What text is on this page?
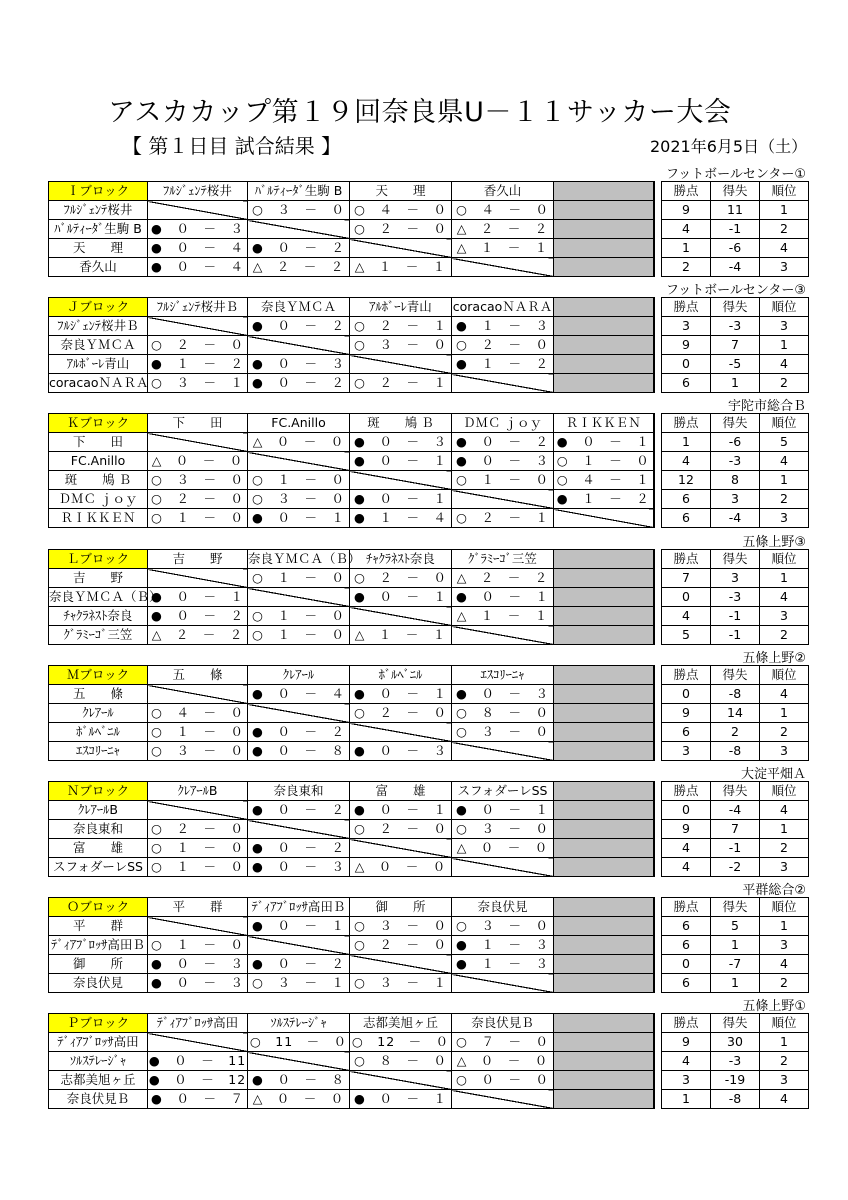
アスカカップ第１９回奈良県U－１１サッカー大会
【 第１日目 試合結果 】	2021年6月5日（土）
フットボールセンター①
Ｉブロック	ﾌﾙｼﾞｪﾝﾃ桜井	ﾊﾞﾙﾃｨｰﾀﾞ生駒 B	天　　理	香久山			勝点	得失	順位
ﾌﾙｼﾞｪﾝﾃ桜井		○　３　－　０	○　４　－　０	○　４　－　０			9	11	1
ﾊﾞﾙﾃｨｰﾀﾞ生駒 B	●　０　－　３		○　２　－　０	△　２　－　２			4	-1	2
天　　理	●　０　－　４	●　０　－　２		△　１　－　１			1	-6	4
香久山	●　０　－　４	△　２　－　２	△　１　－　１				2	-4	3
フットボールセンター③
Ｊブロック	ﾌﾙｼﾞｪﾝﾃ桜井Ｂ	奈良ＹＭＣＡ	ｱﾙﾎﾞｰﾚ青山	coracaoＮＡＲＡ			勝点	得失	順位
ﾌﾙｼﾞｪﾝﾃ桜井Ｂ		●　０　－　２	○　２　－　１	●　１　－　３			3	-3	3
奈良ＹＭＣＡ	○　２　－　０		○　３　－　０	○　２　－　０			9	7	1
ｱﾙﾎﾞｰﾚ青山	●　１　－　２	●　０　－　３		●　１　－　２			0	-5	4
coracaoＮＡＲＡ	○　３　－　１	●　０　－　２	○　２　－　１				6	1	2
宇陀市総合Ｂ
Ｋブロック	下　　田	FC.Anillo	斑　　鳩 Ｂ	ＤＭＣ ｊｏｙ	ＲＩＫＫＥＮ		勝点	得失	順位
下　　田		△　０　－　０	●　０　－　３	●　０　－　２	●　０　－　１		1	-6	5
FC.Anillo	△　０　－　０		●　０　－　１	●　０　－　３	○　１　－　０		4	-3	4
斑　　鳩 Ｂ	○　３　－　０	○　１　－　０		○　１　－　０	○　４　－　１		12	8	1
ＤＭＣ ｊｏｙ	○　２　－　０	○　３　－　０	●　０　－　１		●　１　－　２		6	3	2
ＲＩＫＫＥＮ	○　１　－　０	●　０　－　１	●　１　－　４	○　２　－　１			6	-4	3
五條上野③
Ｌブロック	吉　　野	奈良ＹＭＣＡ（Ｂ）	ﾁｬｸﾗﾈｽﾄ奈良	ｸﾞﾗﾐｰｺﾞ三笠			勝点	得失	順位
吉　　野		○　１　－　０	○　２　－　０	△　２　－　２			7	3	1
奈良ＹＭＣＡ（Ｂ）	●　０　－　１		●　０　－　１	●　０　－　１			0	-3	4
ﾁｬｸﾗﾈｽﾄ奈良	●　０　－　２	○　１　－　０		△　１　－　１			4	-1	3
ｸﾞﾗﾐｰｺﾞ三笠	△　２　－　２	○　１　－　０	△　１　－　１				5	-1	2
五條上野②
Ｍブロック	五　　條	ｸﾚｱｰﾙ	ﾎﾞﾙﾍﾞﾆﾙ	ｴｽｺﾘｰﾆｬ			勝点	得失	順位
五　　條		●　０　－　４	●　０　－　１	●　０　－　３			0	-8	4
ｸﾚｱｰﾙ	○　４　－　０		○　２　－　０	○　８　－　０			9	14	1
ﾎﾞﾙﾍﾞﾆﾙ	○　１　－　０	●　０　－　２		○　３　－　０			6	2	2
ｴｽｺﾘｰﾆｬ	○　３　－　０	●　０　－　８	●　０　－　３				3	-8	3
大淀平畑Ａ
Ｎブロック	ｸﾚｱｰﾙB	奈良東和	富　　雄	スフォダーレSS			勝点	得失	順位
ｸﾚｱｰﾙB		●　０　－　２	●　０　－　１	●　０　－　１			0	-4	4
奈良東和	○　２　－　０		○　２　－　０	○　３　－　０			9	7	1
富　　雄	○　１　－　０	●　０　－　２		△　０　－　０			4	-1	2
スフォダーレSS	○　１　－　０	●　０　－　３	△　０　－　０				4	-2	3
平群総合②
Ｏブロック	平　　群	ﾃﾞｨｱﾌﾞﾛｯｻ高田Ｂ	御　　所	奈良伏見			勝点	得失	順位
平　　群		●　０　－　１	○　３　－　０	○　３　－　０			6	5	1
ﾃﾞｨｱﾌﾞﾛｯｻ高田Ｂ	○　１　－　０		○　２　－　０	●　１　－　３			6	1	3
御　　所	●　０　－　３	●　０　－　２		●　１　－　３			0	-7	4
奈良伏見	●　０　－　３	○　３　－　１	○　３　－　１				6	1	2
五條上野①
Ｐブロック	ﾃﾞｨｱﾌﾞﾛｯｻ高田	ｿﾙｽﾃﾚｰｼﾞｬ	志都美旭ヶ丘	奈良伏見Ｂ			勝点	得失	順位
ﾃﾞｨｱﾌﾞﾛｯｻ高田		○　11　－　０	○　12　－　０	○　７　－　０			9	30	1
ｿﾙｽﾃﾚｰｼﾞｬ	●　０　－　11		○　８　－　０	△　０　－　０			4	-3	2
志都美旭ヶ丘	●　０　－　12	●　０　－　８		○　０　－　０			3	-19	3
奈良伏見Ｂ	●　０　－　７	△　０　－　０	●　０　－　１				1	-8	4
